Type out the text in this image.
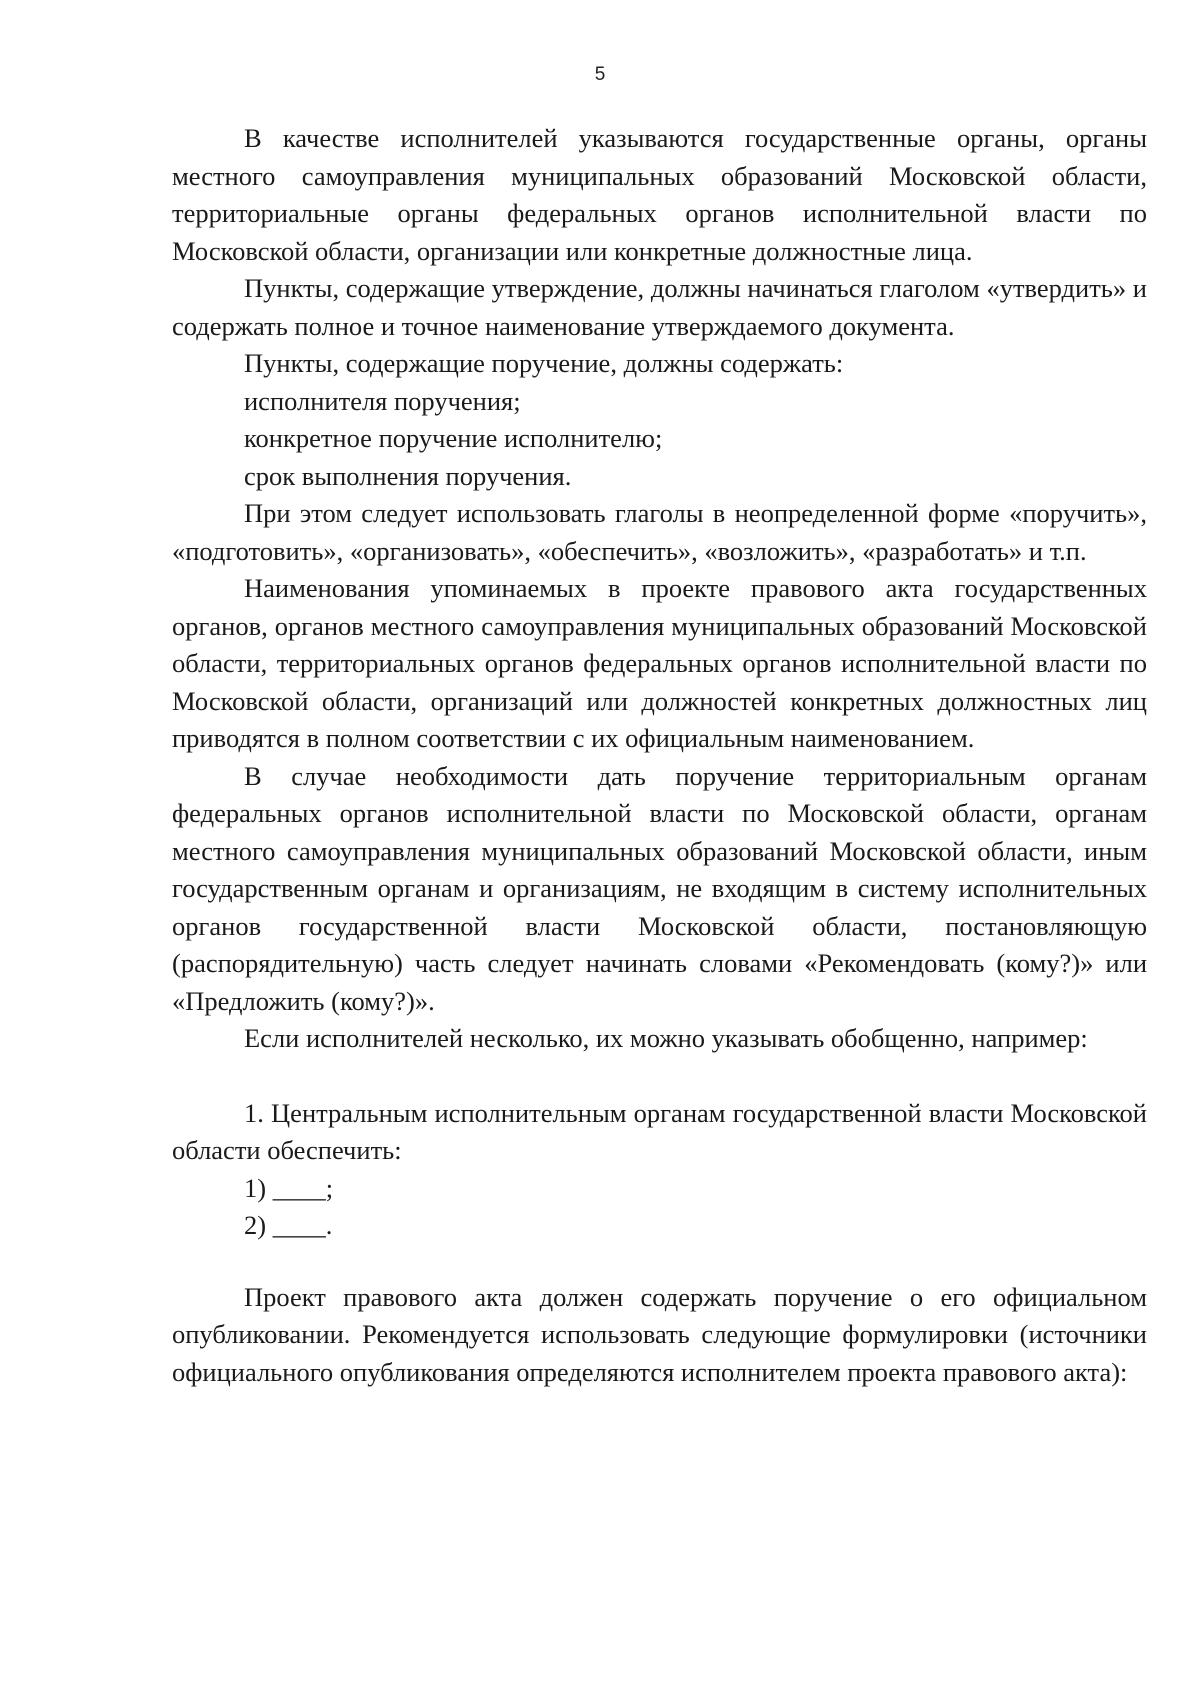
5

В качестве исполнителей указываются государственные органы, органы местного самоуправления муниципальных образований Московской области, территориальные органы федеральных органов исполнительной власти по Московской области, организации или конкретные должностные лица.

Пункты, содержащие утверждение, должны начинаться глаголом «утвердить» и содержать полное и точное наименование утверждаемого документа.

Пункты, содержащие поручение, должны содержать:

исполнителя поручения;

конкретное поручение исполнителю;

срок выполнения поручения.

При этом следует использовать глаголы в неопределенной форме «поручить», «подготовить», «организовать», «обеспечить», «возложить», «разработать» и т.п.

Наименования упоминаемых в проекте правового акта государственных органов, органов местного самоуправления муниципальных образований Московской области, территориальных органов федеральных органов исполнительной власти по Московской области, организаций или должностей конкретных должностных лиц приводятся в полном соответствии с их официальным наименованием.

В случае необходимости дать поручение территориальным органам федеральных органов исполнительной власти по Московской области, органам местного самоуправления муниципальных образований Московской области, иным государственным органам и организациям, не входящим в систему исполнительных органов государственной власти Московской области, постановляющую (распорядительную) часть следует начинать словами «Рекомендовать (кому?)» или «Предложить (кому?)».

Если исполнителей несколько, их можно указывать обобщенно, например:

1. Центральным исполнительным органам государственной власти Московской области обеспечить:

1) ____;

2) ____.

Проект правового акта должен содержать поручение о его официальном опубликовании. Рекомендуется использовать следующие формулировки (источники официального опубликования определяются исполнителем проекта правового акта):
